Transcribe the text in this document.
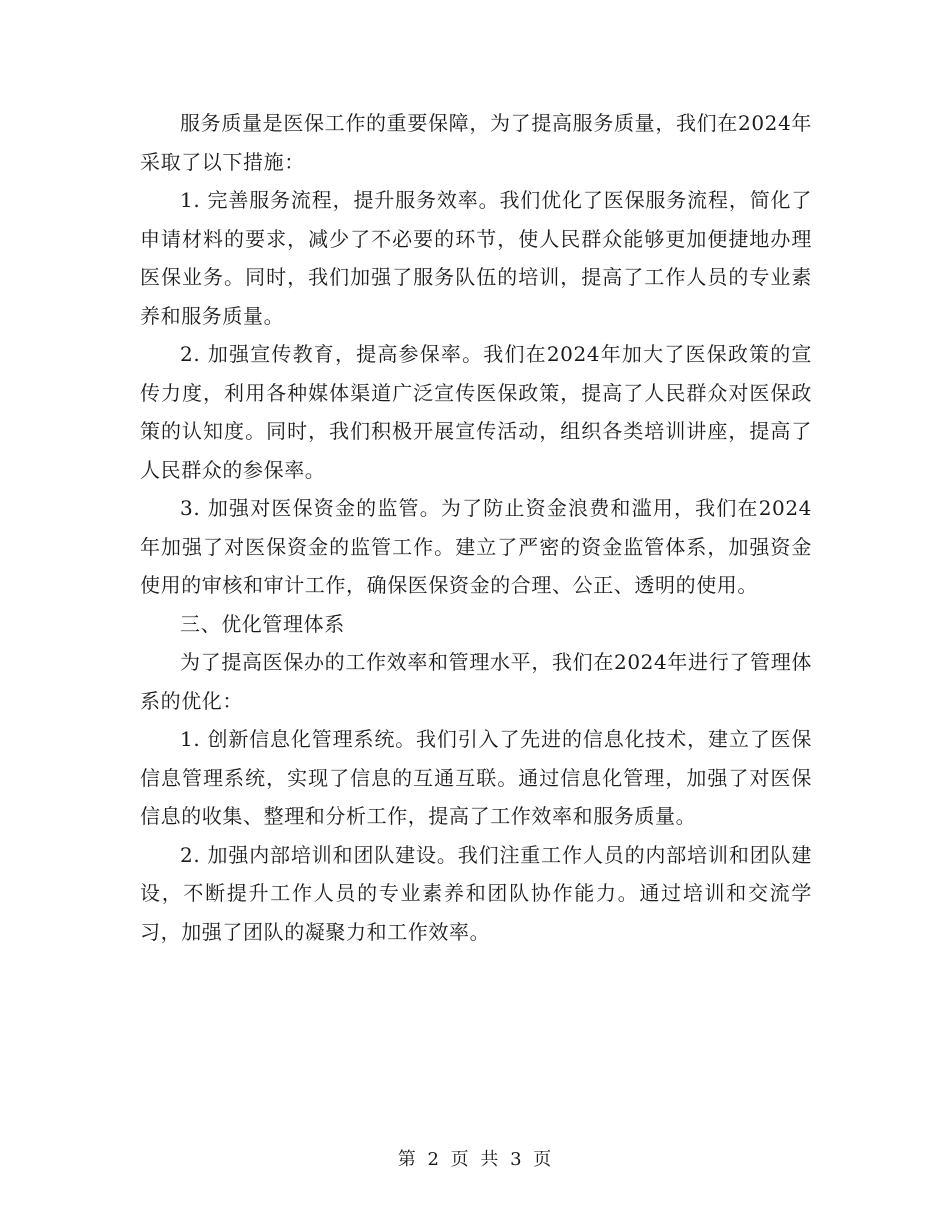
服务质量是医保工作的重要保障，为了提高服务质量，我们在2024年采取了以下措施：

1. 完善服务流程，提升服务效率。我们优化了医保服务流程，简化了申请材料的要求，减少了不必要的环节，使人民群众能够更加便捷地办理医保业务。同时，我们加强了服务队伍的培训，提高了工作人员的专业素养和服务质量。

2. 加强宣传教育，提高参保率。我们在2024年加大了医保政策的宣传力度，利用各种媒体渠道广泛宣传医保政策，提高了人民群众对医保政策的认知度。同时，我们积极开展宣传活动，组织各类培训讲座，提高了人民群众的参保率。

3. 加强对医保资金的监管。为了防止资金浪费和滥用，我们在2024年加强了对医保资金的监管工作。建立了严密的资金监管体系，加强资金使用的审核和审计工作，确保医保资金的合理、公正、透明的使用。

三、优化管理体系

为了提高医保办的工作效率和管理水平，我们在2024年进行了管理体系的优化：

1. 创新信息化管理系统。我们引入了先进的信息化技术，建立了医保信息管理系统，实现了信息的互通互联。通过信息化管理，加强了对医保信息的收集、整理和分析工作，提高了工作效率和服务质量。

2. 加强内部培训和团队建设。我们注重工作人员的内部培训和团队建设，不断提升工作人员的专业素养和团队协作能力。通过培训和交流学习，加强了团队的凝聚力和工作效率。

第 2 页 共 3 页
